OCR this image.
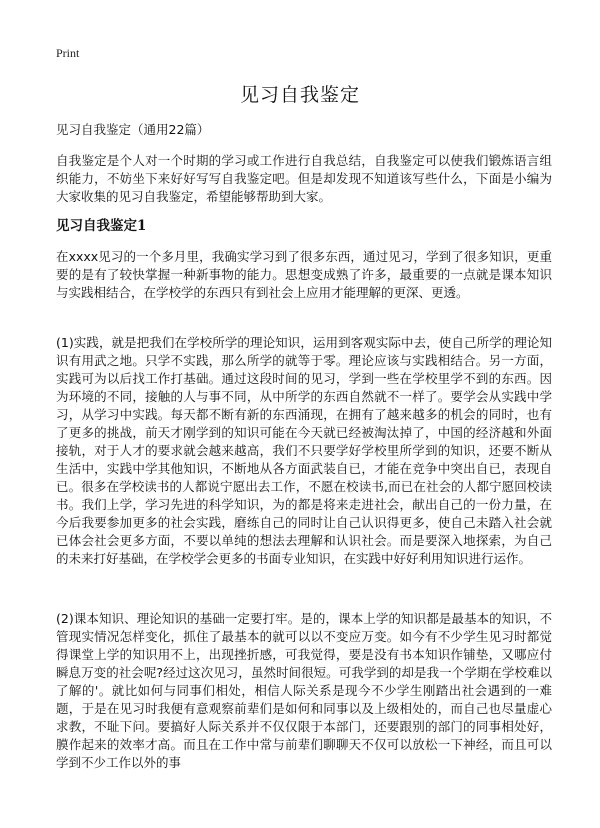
Print
见习自我鉴定

见习自我鉴定（通用22篇）

自我鉴定是个人对一个时期的学习或工作进行自我总结，自我鉴定可以使我们锻炼语言组织能力，不妨坐下来好好写写自我鉴定吧。但是却发现不知道该写些什么，下面是小编为大家收集的见习自我鉴定，希望能够帮助到大家。

见习自我鉴定1

在xxxx见习的一个多月里，我确实学习到了很多东西，通过见习，学到了很多知识，更重要的是有了较快掌握一种新事物的能力。思想变成熟了许多，最重要的一点就是课本知识与实践相结合，在学校学的东西只有到社会上应用才能理解的更深、更透。

(1)实践，就是把我们在学校所学的理论知识，运用到客观实际中去，使自己所学的理论知识有用武之地。只学不实践，那么所学的就等于零。理论应该与实践相结合。另一方面，实践可为以后找工作打基础。通过这段时间的见习，学到一些在学校里学不到的东西。因为环境的不同，接触的人与事不同，从中所学的东西自然就不一样了。要学会从实践中学习，从学习中实践。每天都不断有新的东西涌现，在拥有了越来越多的机会的同时，也有了更多的挑战，前天才刚学到的知识可能在今天就已经被淘汰掉了，中国的经济越和外面接轨，对于人才的要求就会越来越高，我们不只要学好学校里所学到的知识，还要不断从生活中，实践中学其他知识，不断地从各方面武装自已，才能在竞争中突出自已，表现自已。很多在学校读书的人都说宁愿出去工作，不愿在校读书,而已在社会的人都宁愿回校读书。我们上学，学习先进的科学知识，为的都是将来走进社会，献出自己的一份力量，在今后我要参加更多的社会实践，磨练自己的同时让自己认识得更多，使自己未踏入社会就已体会社会更多方面，不要以单纯的想法去理解和认识社会。而是要深入地探索，为自己的未来打好基础，在学校学会更多的书面专业知识，在实践中好好利用知识进行运作。

(2)课本知识、理论知识的基础一定要打牢。是的，课本上学的知识都是最基本的知识，不管现实情况怎样变化，抓住了最基本的就可以以不变应万变。如今有不少学生见习时都觉得课堂上学的知识用不上，出现挫折感，可我觉得，要是没有书本知识作铺垫，又哪应付瞬息万变的社会呢?经过这次见习，虽然时间很短。可我学到的却是我一个学期在学校难以了解的'。就比如何与同事们相处，相信人际关系是现今不少学生刚踏出社会遇到的一难题，于是在见习时我便有意观察前辈们是如何和同事以及上级相处的，而自己也尽量虚心求教，不耻下问。要搞好人际关系并不仅仅限于本部门，还要跟别的部门的同事相处好，膜作起来的效率才高。而且在工作中常与前辈们聊聊天不仅可以放松一下神经，而且可以学到不少工作以外的事
